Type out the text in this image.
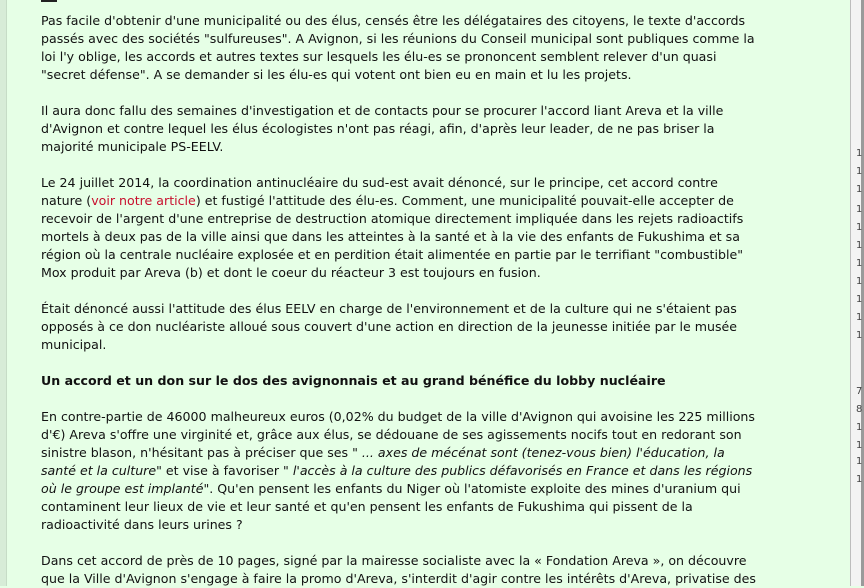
Pas facile d'obtenir d'une municipalité ou des élus, censés être les délégataires des citoyens, le texte d'accords passés avec des sociétés "sulfureuses". A Avignon, si les réunions du Conseil municipal sont publiques comme la loi l'y oblige, les accords et autres textes sur lesquels les élu-es se prononcent semblent relever d'un quasi "secret défense". A se demander si les élu-es qui votent ont bien eu en main et lu les projets.

Il aura donc fallu des semaines d'investigation et de contacts pour se procurer l'accord liant Areva et la ville d'Avignon et contre lequel les élus écologistes n'ont pas réagi, afin, d'après leur leader, de ne pas briser la majorité municipale PS-EELV.

Le 24 juillet 2014, la coordination antinucléaire du sud-est avait dénoncé, sur le principe, cet accord contre nature (voir notre article) et fustigé l'attitude des élu-es. Comment, une municipalité pouvait-elle accepter de recevoir de l'argent d'une entreprise de destruction atomique directement impliquée dans les rejets radioactifs mortels à deux pas de la ville ainsi que dans les atteintes à la santé et à la vie des enfants de Fukushima et sa région où la centrale nucléaire explosée et en perdition était alimentée en partie par le terrifiant "combustible" Mox produit par Areva (b) et dont le coeur du réacteur 3 est toujours en fusion.

Était dénoncé aussi l'attitude des élus EELV en charge de l'environnement et de la culture qui ne s'étaient pas opposés à ce don nucléariste alloué sous couvert d'une action en direction de la jeunesse initiée par le musée municipal.

Un accord et un don sur le dos des avignonnais et au grand bénéfice du lobby nucléaire

En contre-partie de 46000 malheureux euros (0,02% du budget de la ville d'Avignon qui avoisine les 225 millions d'€) Areva s'offre une virginité et, grâce aux élus, se dédouane de ses agissements nocifs tout en redorant son sinistre blason, n'hésitant pas à préciser que ses " ... axes de mécénat sont (tenez-vous bien) l'éducation, la santé et la culture" et vise à favoriser " l'accès à la culture des publics défavorisés en France et dans les régions où le groupe est implanté". Qu'en pensent les enfants du Niger où l'atomiste exploite des mines d'uranium qui contaminent leur lieux de vie et leur santé et qu'en pensent les enfants de Fukushima qui pissent de la radioactivité dans leurs urines ?

Dans cet accord de près de 10 pages, signé par la mairesse socialiste avec la « Fondation Areva », on découvre que la Ville d'Avignon s'engage à faire la promo d'Areva, s'interdit d'agir contre les intérêts d'Areva, privatise des

1
1
1
1
1
1
1
1
1
1
1
7
8
1
1
1
1
